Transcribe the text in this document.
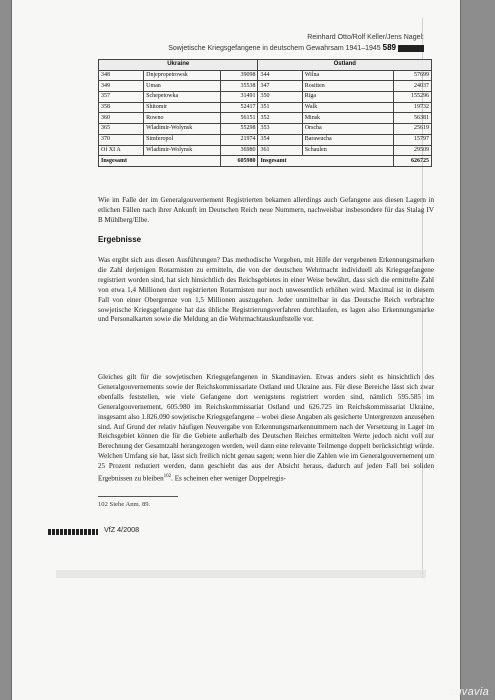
Reinhard Otto/Rolf Keller/Jens Nagel:
Sowjetische Kriegsgefangene in deutschem Gewahrsam 1941–1945 589
Ukraine			Ostland		
348	Dnjepropetrowsk	39098	344	Wilna	57699
349	Uman	35538	347	Rositten	24037
357	Schepetowka	31491	350	Riga	155296
358	Shitomir	52417	351	Walk	19732
360	Rowno	56151	352	Minsk	56381
365	Wladimir-Wolynsk	55298	353	Orscha	25619
370	Simferopol	21974	354	Barawucha	15797
Of XI A	Wladimir-Wolynsk	36980	361	Schaulen	29509
Insgesamt		605980	Insgesamt		626725

Wie im Falle der im Generalgouvernement Registrierten bekamen allerdings auch Gefangene aus diesen Lagern in etlichen Fällen nach ihrer Ankunft im Deutschen Reich neue Nummern, nachweisbar insbesondere für das Stalag IV B Mühlberg/Elbe.

Ergebnisse

Was ergibt sich aus diesen Ausführungen? Das methodische Vorgehen, mit Hilfe der vergebenen Erkennungsmarken die Zahl derjenigen Rotarmisten zu ermitteln, die von der deutschen Wehrmacht individuell als Kriegsgefangene registriert worden sind, hat sich hinsichtlich des Reichsgebietes in einer Weise bewährt, dass sich die ermittelte Zahl von etwa 1,4 Millionen dort registrierten Rotarmisten nur noch unwesentlich erhöhen wird. Maximal ist in diesem Fall von einer Obergrenze von 1,5 Millionen auszugehen. Jeder unmittelbar in das Deutsche Reich verbrachte sowjetische Kriegsgefangene hat das übliche Registrierungsverfahren durchlaufen, es lagen also Erkennungsmarke und Personalkarten sowie die Meldung an die Wehrmachtauskunftstelle vor.

Gleiches gilt für die sowjetischen Kriegsgefangenen in Skandinavien. Etwas anders sieht es hinsichtlich des Generalgouvernements sowie der Reichskommissariate Ostland und Ukraine aus. Für diese Bereiche lässt sich zwar ebenfalls feststellen, wie viele Gefangene dort wenigstens registriert worden sind, nämlich 595.585 im Generalgouvernement, 605.980 im Reichskommissariat Ostland und 626.725 im Reichskommissariat Ukraine, insgesamt also 1.826.090 sowjetische Kriegsgefangene – wobei diese Angaben als gesicherte Untergrenzen anzusehen sind. Auf Grund der relativ häufigen Neuvergabe von Erkennungsmarkennummern nach der Versetzung in Lager im Reichsgebiet können die für die Gebiete außerhalb des Deutschen Reiches ermittelten Werte jedoch nicht voll zur Berechnung der Gesamtzahl herangezogen werden, weil dann eine relevante Teilmenge doppelt berücksichtigt würde. Welchen Umfang sie hat, lässt sich freilich nicht genau sagen; wenn hier die Zahlen wie im Generalgouvernement um 25 Prozent reduziert werden, dann geschieht das aus der Absicht heraus, dadurch auf jeden Fall bei soliden Ergebnissen zu bleiben$^{102}$. Es scheinen eher weniger Doppelregis-

102 Siehe Anm. 89.
VfZ 4/2008
sgvavia
